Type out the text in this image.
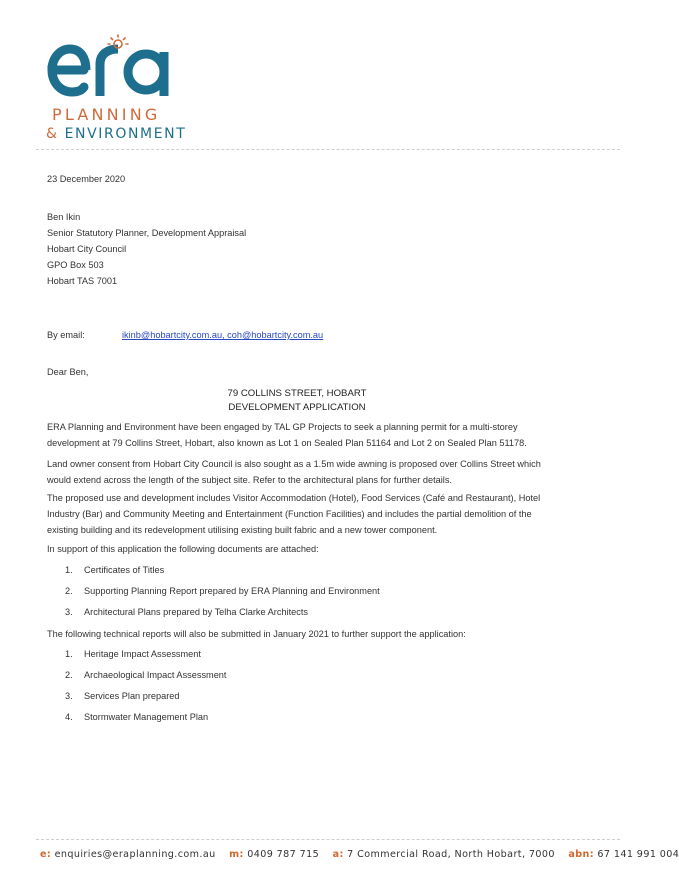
PLANNING
& ENVIRONMENT
23 December 2020
Ben Ikin
Senior Statutory Planner, Development Appraisal
Hobart City Council
GPO Box 503
Hobart TAS 7001
By email:	ikinb@hobartcity.com.au, coh@hobartcity.com.au
Dear Ben,
79 COLLINS STREET, HOBART
DEVELOPMENT APPLICATION
ERA Planning and Environment have been engaged by TAL GP Projects to seek a planning permit for a multi-storey development at 79 Collins Street, Hobart, also known as Lot 1 on Sealed Plan 51164 and Lot 2 on Sealed Plan 51178.
Land owner consent from Hobart City Council is also sought as a 1.5m wide awning is proposed over Collins Street which would extend across the length of the subject site. Refer to the architectural plans for further details.
The proposed use and development includes Visitor Accommodation (Hotel), Food Services (Café and Restaurant), Hotel Industry (Bar) and Community Meeting and Entertainment (Function Facilities) and includes the partial demolition of the existing building and its redevelopment utilising existing built fabric and a new tower component.
In support of this application the following documents are attached:
1. Certificates of Titles
2. Supporting Planning Report prepared by ERA Planning and Environment
3. Architectural Plans prepared by Telha Clarke Architects
The following technical reports will also be submitted in January 2021 to further support the application:
1. Heritage Impact Assessment
2. Archaeological Impact Assessment
3. Services Plan prepared
4. Stormwater Management Plan
e: enquiries@eraplanning.com.au m: 0409 787 715 a: 7 Commercial Road, North Hobart, 7000 abn: 67 141 991 004
